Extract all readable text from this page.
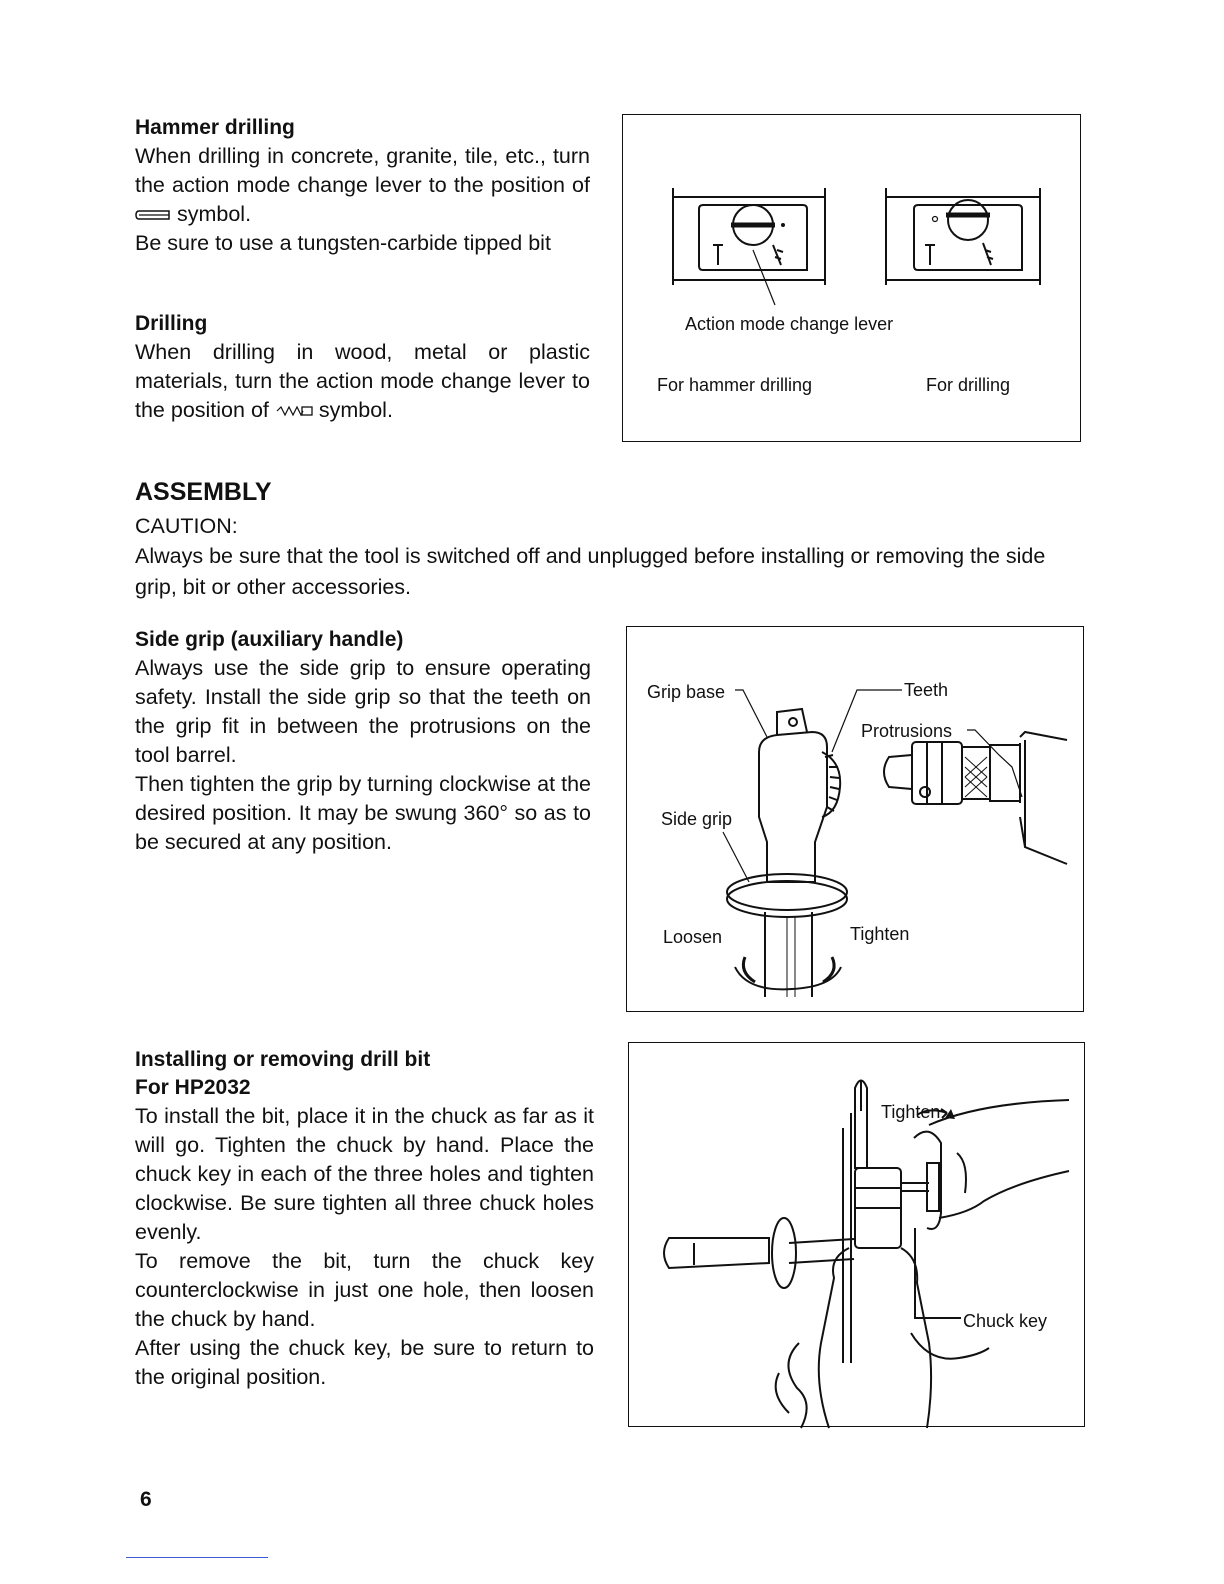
Hammer drilling

When drilling in concrete, granite, tile, etc., turn the action mode change lever to the position of  symbol.

Be sure to use a tungsten-carbide tipped bit

Drilling

When drilling in wood, metal or plastic materials, turn the action mode change lever to the position of symbol.

Action mode change lever
For hammer drilling	For drilling
ASSEMBLY

CAUTION:

Always be sure that the tool is switched off and unplugged before installing or removing the side grip, bit or other accessories.

Side grip (auxiliary handle)

Always use the side grip to ensure operating safety. Install the side grip so that the teeth on the grip fit in between the protrusions on the tool barrel.

Then tighten the grip by turning clockwise at the desired position. It may be swung 360° so as to be secured at any position.

Grip base	Teeth
Protrusions
Side grip
Loosen	Tighten
Installing or removing drill bit
For HP2032

To install the bit, place it in the chuck as far as it will go. Tighten the chuck by hand. Place the chuck key in each of the three holes and tighten clockwise. Be sure tighten all three chuck holes evenly.

To remove the bit, turn the chuck key counterclockwise in just one hole, then loosen the chuck by hand.

After using the chuck key, be sure to return to the original position.

Tighten
Chuck key
6
